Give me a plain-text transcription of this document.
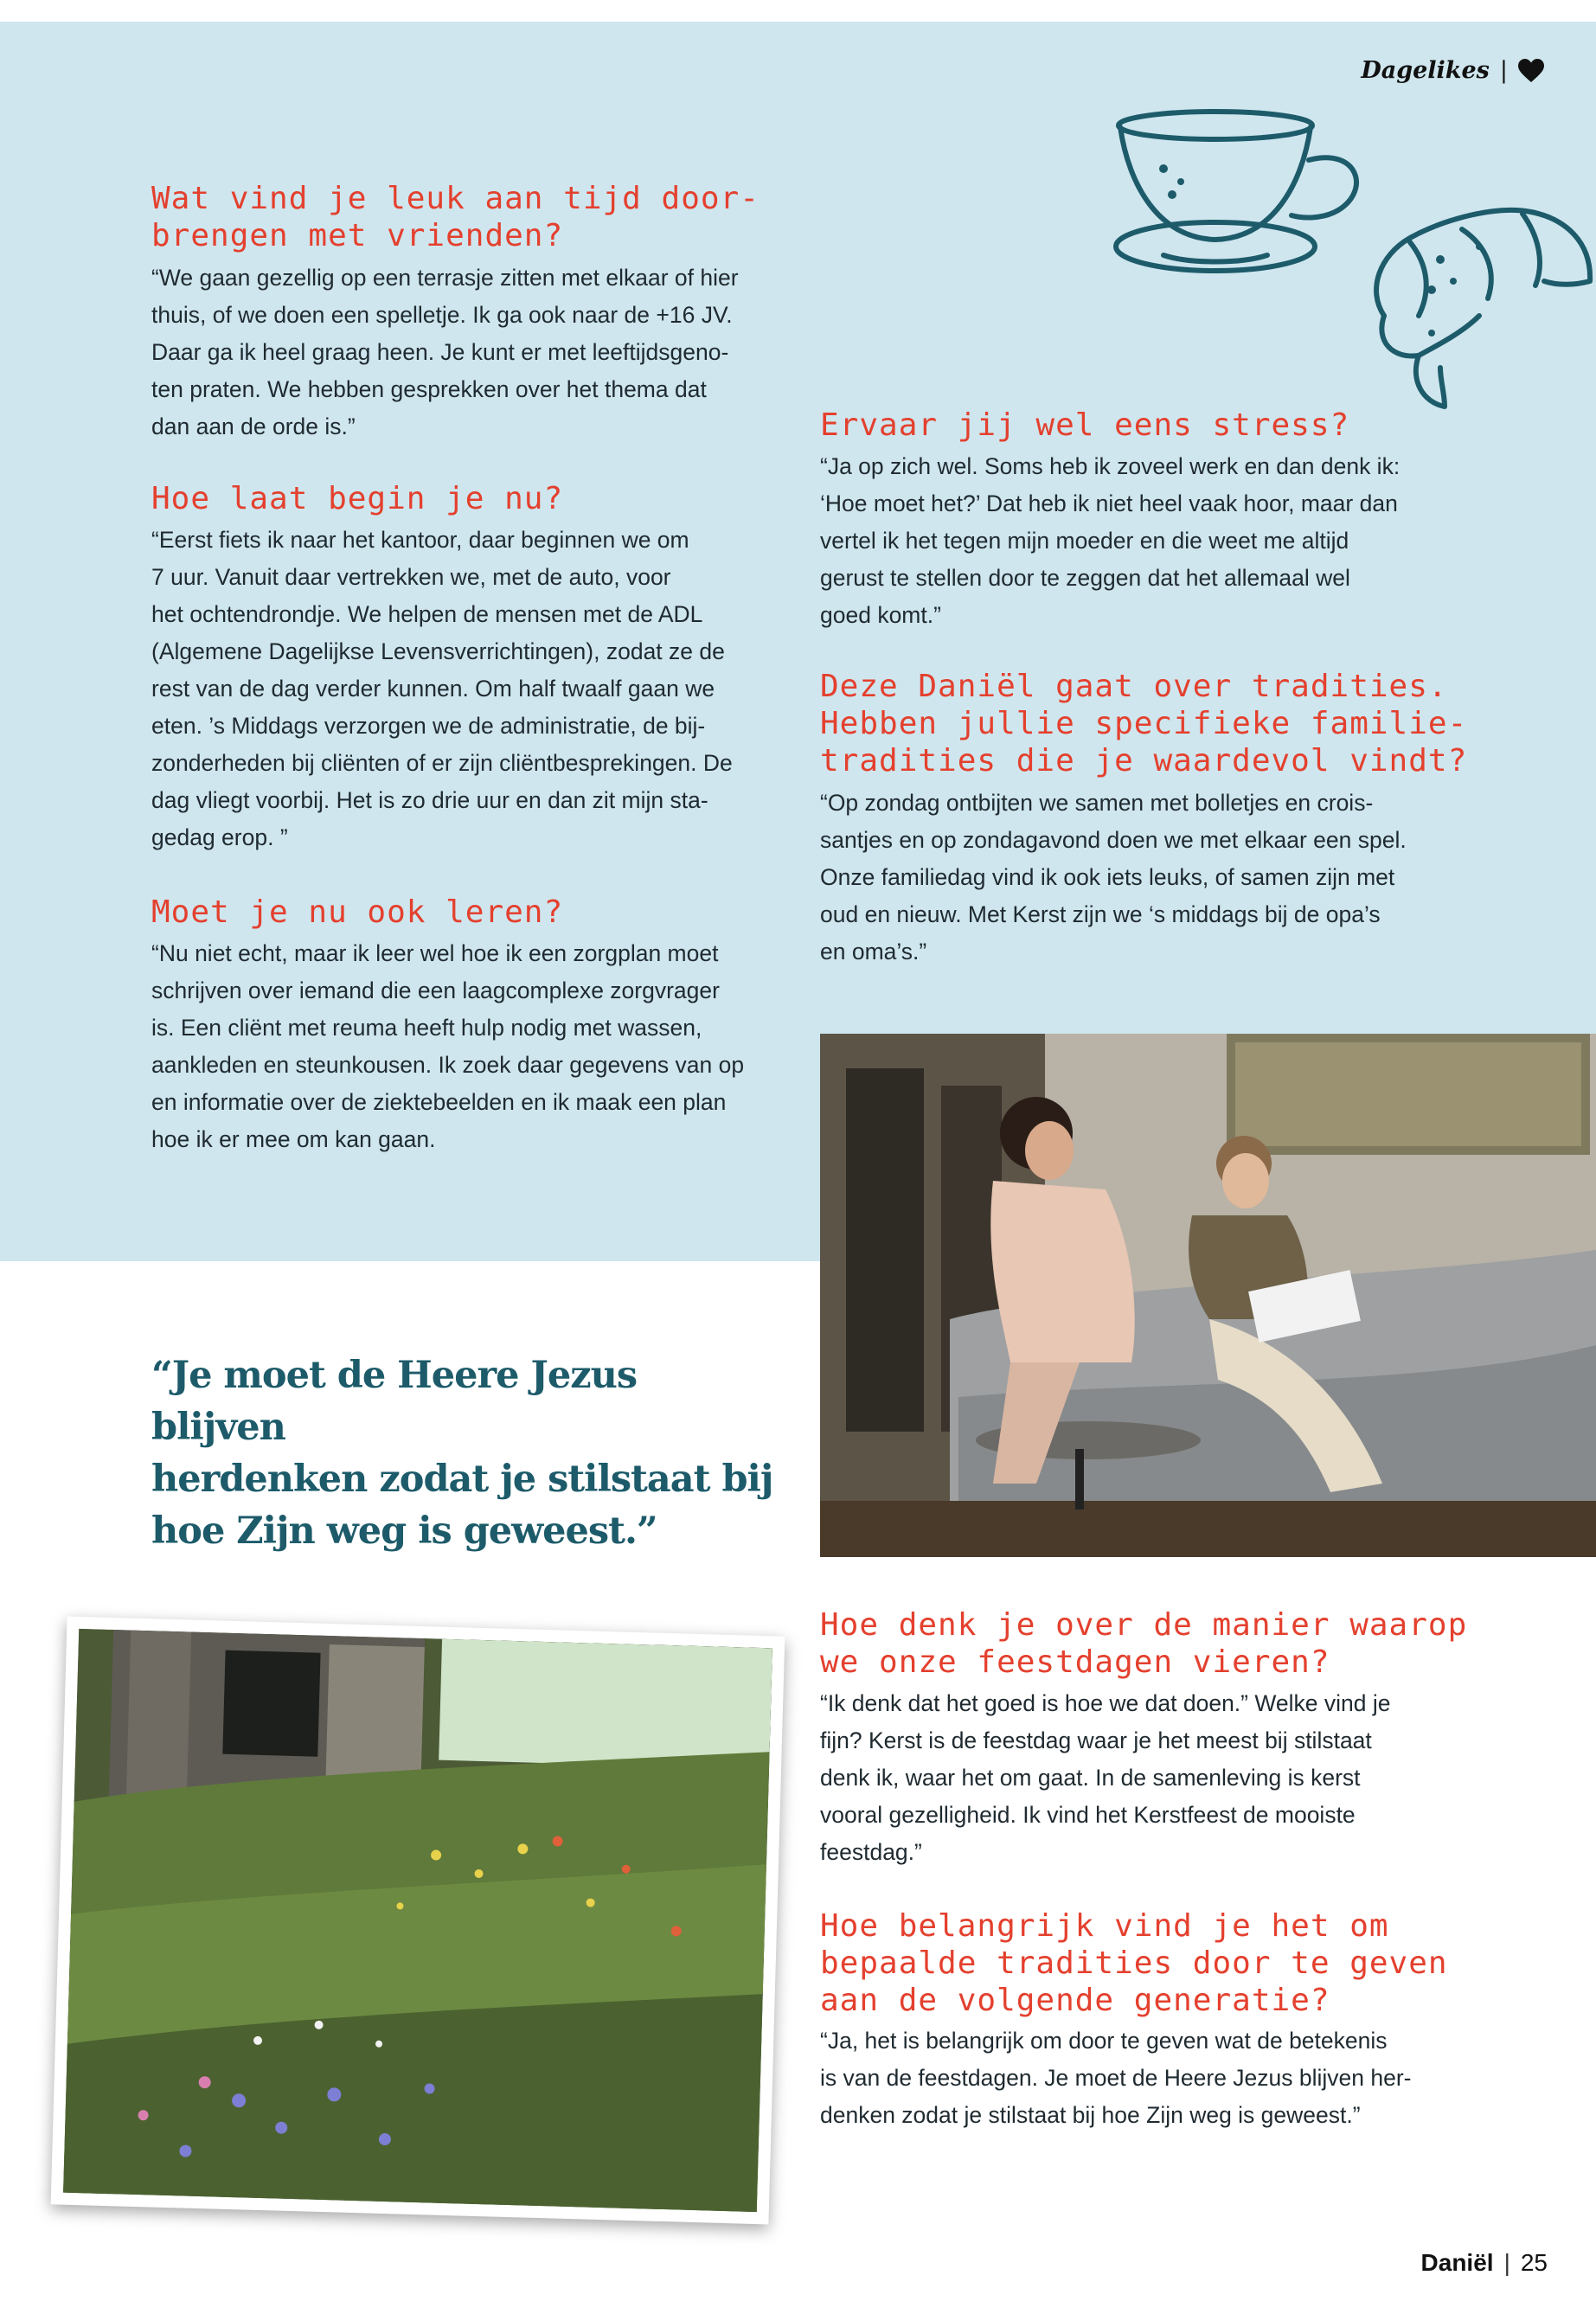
Dagelikes |
Wat vind je leuk aan tijd door-
brengen met vrienden?
“We gaan gezellig op een terrasje zitten met elkaar of hier
thuis, of we doen een spelletje. Ik ga ook naar de +16 JV.
Daar ga ik heel graag heen. Je kunt er met leeftijdsgeno-
ten praten. We hebben gesprekken over het thema dat
dan aan de orde is.”
Hoe laat begin je nu?
“Eerst fiets ik naar het kantoor, daar beginnen we om
7 uur. Vanuit daar vertrekken we, met de auto, voor
het ochtendrondje. We helpen de mensen met de ADL
(Algemene Dagelijkse Levensverrichtingen), zodat ze de
rest van de dag verder kunnen. Om half twaalf gaan we
eten. ’s Middags verzorgen we de administratie, de bij-
zonderheden bij cliënten of er zijn cliëntbesprekingen. De
dag vliegt voorbij. Het is zo drie uur en dan zit mijn sta-
gedag erop. ”
Moet je nu ook leren?
“Nu niet echt, maar ik leer wel hoe ik een zorgplan moet
schrijven over iemand die een laagcomplexe zorgvrager
is. Een cliënt met reuma heeft hulp nodig met wassen,
aankleden en steunkousen. Ik zoek daar gegevens van op
en informatie over de ziektebeelden en ik maak een plan
hoe ik er mee om kan gaan.
Ervaar jij wel eens stress?
“Ja op zich wel. Soms heb ik zoveel werk en dan denk ik:
‘Hoe moet het?’ Dat heb ik niet heel vaak hoor, maar dan
vertel ik het tegen mijn moeder en die weet me altijd
gerust te stellen door te zeggen dat het allemaal wel
goed komt.”
Deze Daniël gaat over tradities.
Hebben jullie specifieke familie-
tradities die je waardevol vindt?
“Op zondag ontbijten we samen met bolletjes en crois-
santjes en op zondagavond doen we met elkaar een spel.
Onze familiedag vind ik ook iets leuks, of samen zijn met
oud en nieuw. Met Kerst zijn we ‘s middags bij de opa’s
en oma’s.”
“Je moet de Heere Jezus blijven
herdenken zodat je stilstaat bij
hoe Zijn weg is geweest.”
Hoe denk je over de manier waarop
we onze feestdagen vieren?
“Ik denk dat het goed is hoe we dat doen.” Welke vind je
fijn? Kerst is de feestdag waar je het meest bij stilstaat
denk ik, waar het om gaat. In de samenleving is kerst
vooral gezelligheid. Ik vind het Kerstfeest de mooiste
feestdag.”
Hoe belangrijk vind je het om
bepaalde tradities door te geven
aan de volgende generatie?
“Ja, het is belangrijk om door te geven wat de betekenis
is van de feestdagen. Je moet de Heere Jezus blijven her-
denken zodat je stilstaat bij hoe Zijn weg is geweest.”
Daniël | 25
